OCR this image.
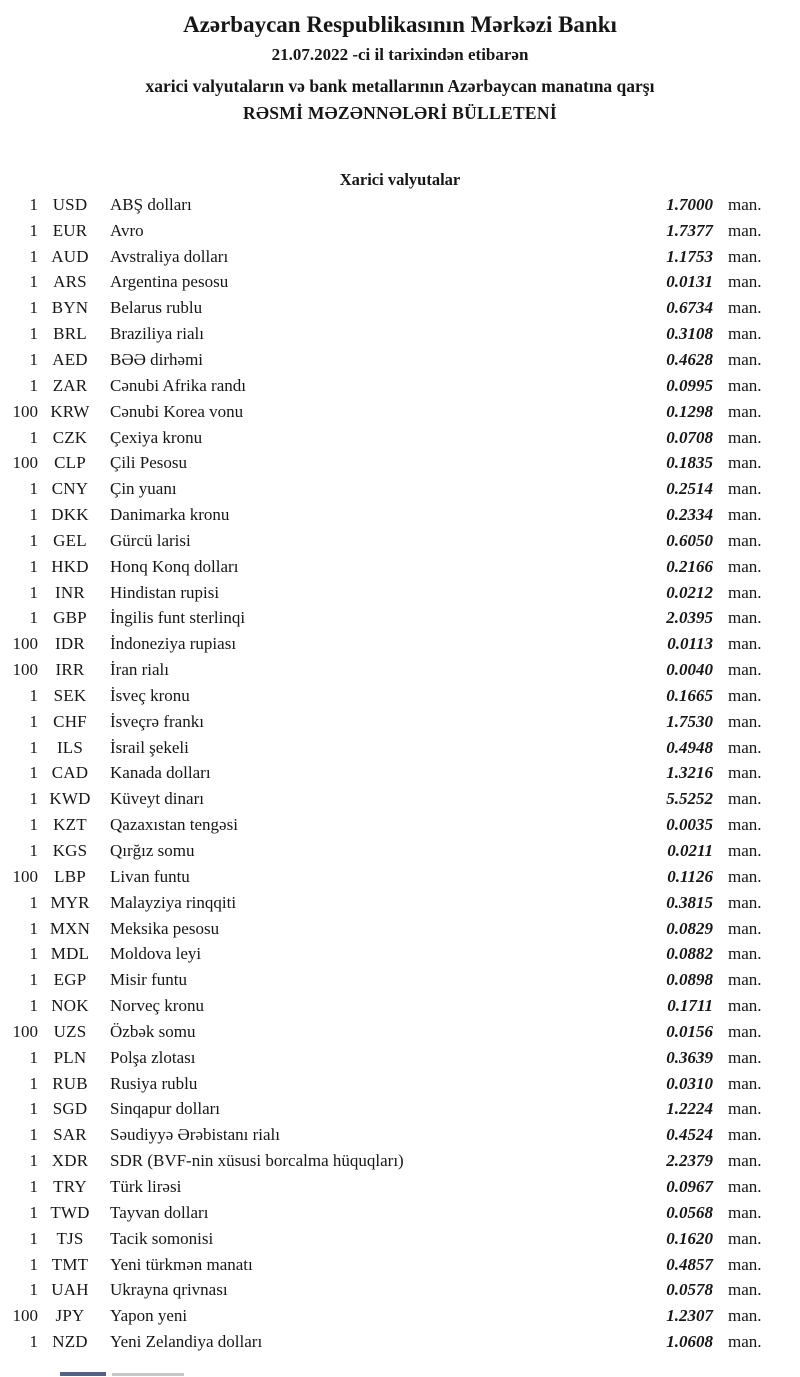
Azərbaycan Respublikasının Mərkəzi Bankı
21.07.2022 -ci il tarixindən etibarən
xarici valyutaların və bank metallarının Azərbaycan manatına qarşı
RƏSMİ MƏZƏNNƏLƏRİ BÜLLETENİ
Xarici valyutalar
1 USD	ABŞ dolları	1.7000 man.
1 EUR	Avro	1.7377 man.
1 AUD	Avstraliya dolları	1.1753 man.
1 ARS	Argentina pesosu	0.0131 man.
1 BYN	Belarus rublu	0.6734 man.
1 BRL	Braziliya rialı	0.3108 man.
1 AED	BƏƏ dirhəmi	0.4628 man.
1 ZAR	Cənubi Afrika randı	0.0995 man.
100 KRW	Cənubi Korea vonu	0.1298 man.
1 CZK	Çexiya kronu	0.0708 man.
100 CLP	Çili Pesosu	0.1835 man.
1 CNY	Çin yuanı	0.2514 man.
1 DKK	Danimarka kronu	0.2334 man.
1 GEL	Gürcü larisi	0.6050 man.
1 HKD	Honq Konq dolları	0.2166 man.
1	INR	Hindistan rupisi	0.0212 man.
1 GBP	İngilis funt sterlinqi	2.0395 man.
100	IDR	İndoneziya rupiası	0.0113 man.
100	IRR	İran rialı	0.0040 man.
1 SEK	İsveç kronu	0.1665 man.
1 CHF	İsveçrə frankı	1.7530 man.
1	ILS	İsrail şekeli	0.4948 man.
1 CAD	Kanada dolları	1.3216 man.
1 KWD	Küveyt dinarı	5.5252 man.
1 KZT	Qazaxıstan tengəsi	0.0035 man.
1 KGS	Qırğız somu	0.0211 man.
100 LBP	Livan funtu	0.1126 man.
1 MYR	Malayziya rinqqiti	0.3815 man.
1 MXN	Meksika pesosu	0.0829 man.
1 MDL	Moldova leyi	0.0882 man.
1 EGP	Misir funtu	0.0898 man.
1 NOK	Norveç kronu	0.1711 man.
100 UZS	Özbək somu	0.0156 man.
1 PLN	Polşa zlotası	0.3639 man.
1 RUB	Rusiya rublu	0.0310 man.
1 SGD	Sinqapur dolları	1.2224 man.
1 SAR	Səudiyyə Ərəbistanı rialı	0.4524 man.
1 XDR	SDR (BVF-nin xüsusi borcalma hüquqları)	2.2379 man.
1 TRY	Türk lirəsi	0.0967 man.
1 TWD	Tayvan dolları	0.0568 man.
1	TJS	Tacik somonisi	0.1620 man.
1 TMT	Yeni türkmən manatı	0.4857 man.
1 UAH	Ukrayna qrivnası	0.0578 man.
100	JPY	Yapon yeni	1.2307 man.
1 NZD	Yeni Zelandiya dolları	1.0608 man.
